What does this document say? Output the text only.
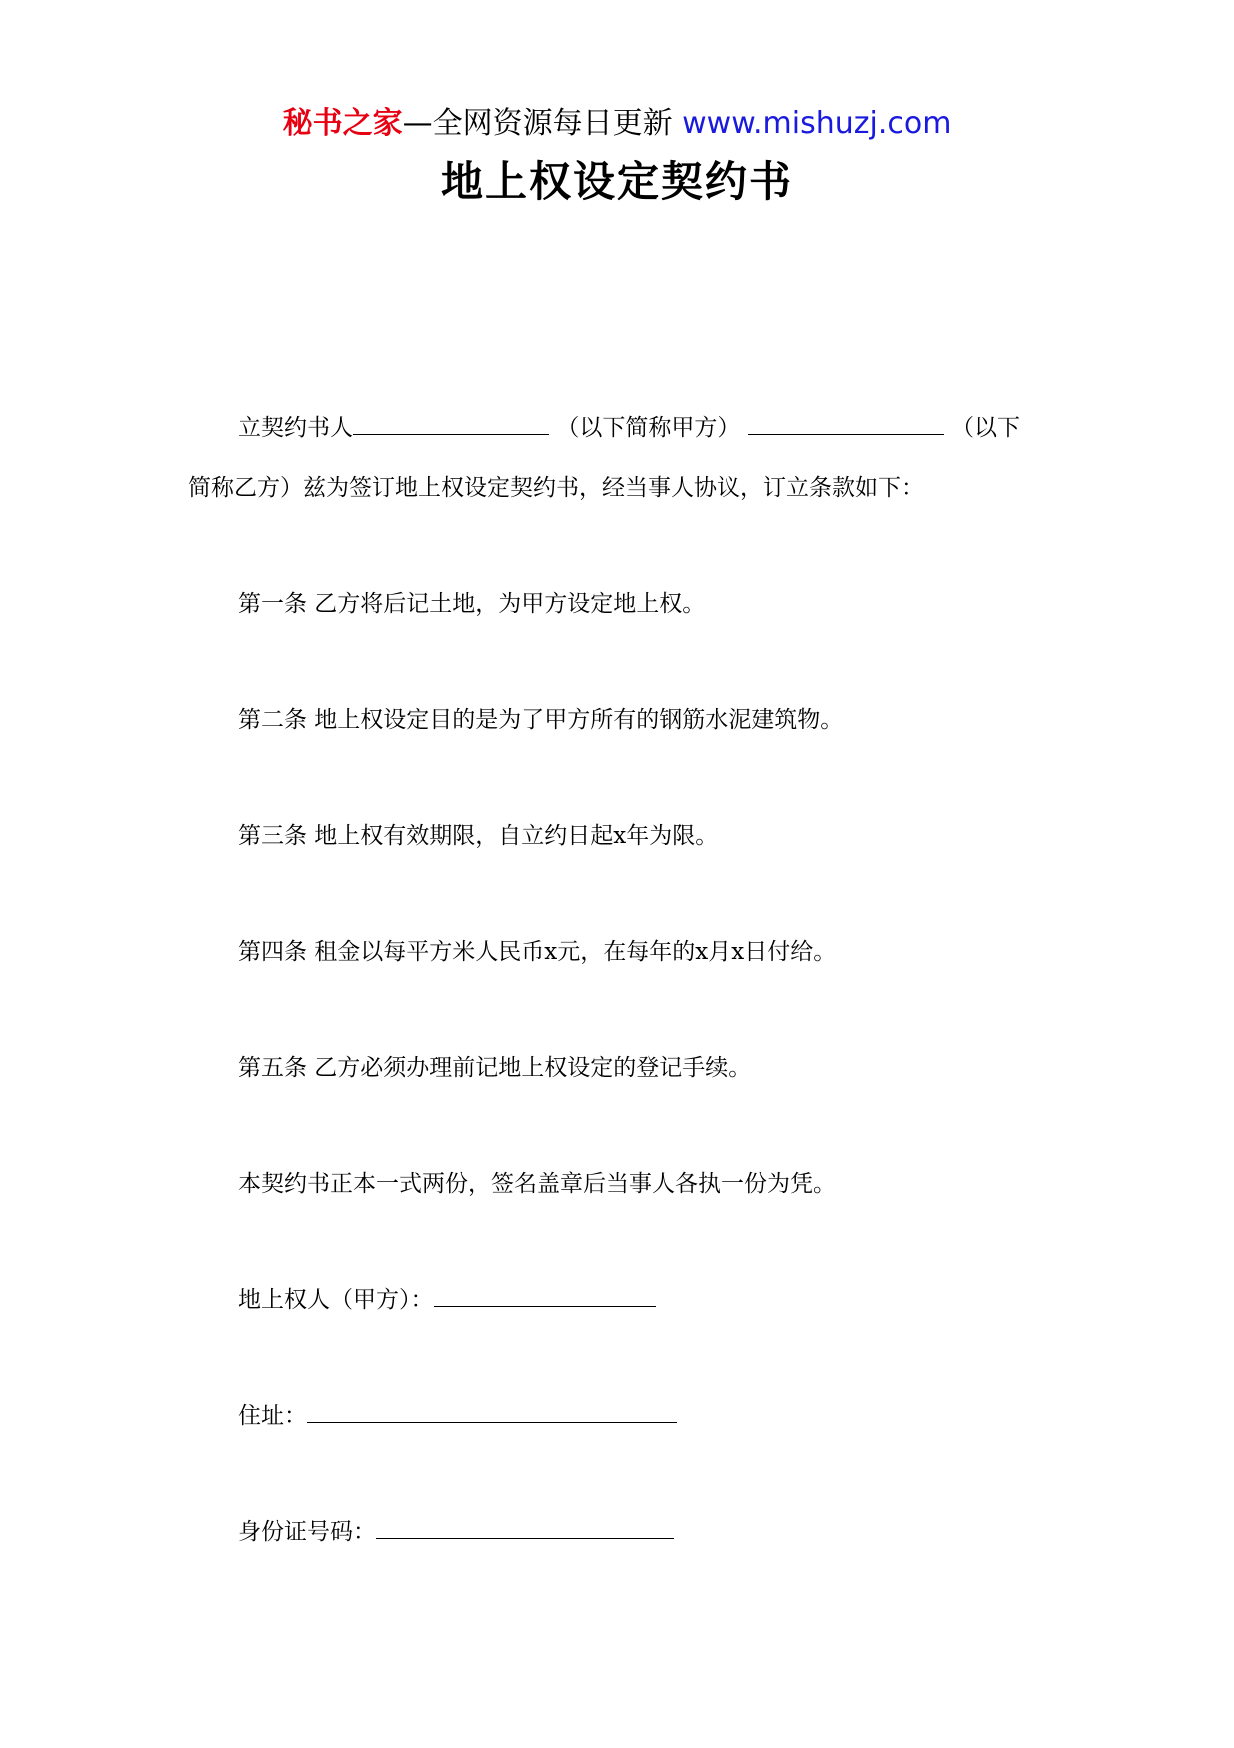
秘书之家—全网资源每日更新 www.mishuzj.com
地上权设定契约书
立契约书人	（以下简称甲方）	（以下
简称乙方）兹为签订地上权设定契约书，经当事人协议，订立条款如下：
第一条 乙方将后记土地，为甲方设定地上权。
第二条 地上权设定目的是为了甲方所有的钢筋水泥建筑物。
第三条 地上权有效期限，自立约日起x年为限。
第四条 租金以每平方米人民币x元，在每年的x月x日付给。
第五条 乙方必须办理前记地上权设定的登记手续。
本契约书正本一式两份，签名盖章后当事人各执一份为凭。
地上权人（甲方）：
住址：
身份证号码：
